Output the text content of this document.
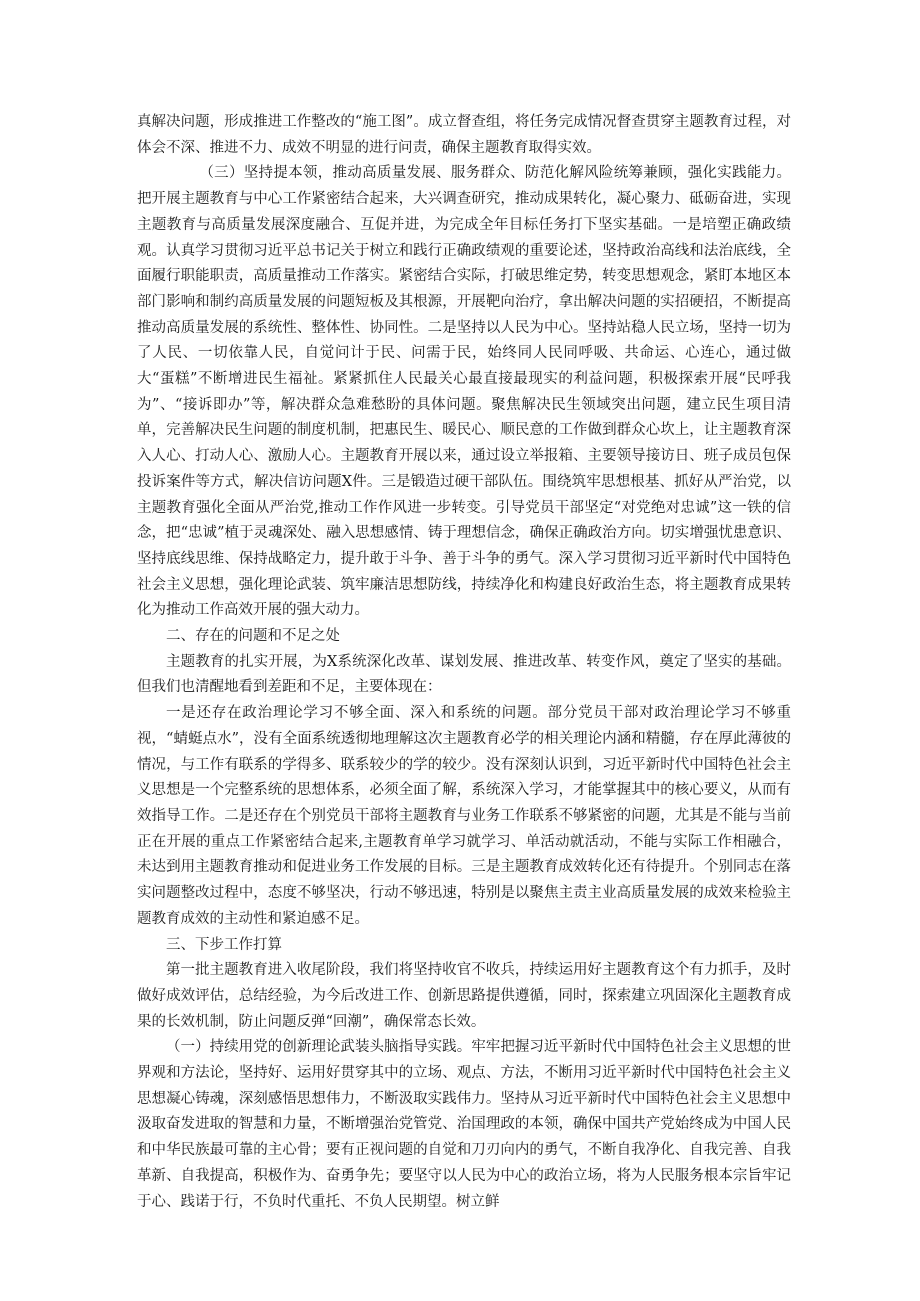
真解决问题，形成推进工作整改的“施工图”。成立督查组，将任务完成情况督查贯穿主题教育过程，对体会不深、推进不力、成效不明显的进行问责，确保主题教育取得实效。

（三）坚持提本领，推动高质量发展、服务群众、防范化解风险统筹兼顾，强化实践能力。把开展主题教育与中心工作紧密结合起来，大兴调查研究，推动成果转化，凝心聚力、砥砺奋进，实现主题教育与高质量发展深度融合、互促并进，为完成全年目标任务打下坚实基础。一是培塑正确政绩观。认真学习贯彻习近平总书记关于树立和践行正确政绩观的重要论述，坚持政治高线和法治底线，全面履行职能职责，高质量推动工作落实。紧密结合实际，打破思维定势，转变思想观念，紧盯本地区本部门影响和制约高质量发展的问题短板及其根源，开展靶向治疗，拿出解决问题的实招硬招，不断提高推动高质量发展的系统性、整体性、协同性。二是坚持以人民为中心。坚持站稳人民立场，坚持一切为了人民、一切依靠人民，自觉问计于民、问需于民，始终同人民同呼吸、共命运、心连心，通过做大“蛋糕”不断增进民生福祉。紧紧抓住人民最关心最直接最现实的利益问题，积极探索开展“民呼我为”、“接诉即办”等，解决群众急难愁盼的具体问题。聚焦解决民生领域突出问题，建立民生项目清单，完善解决民生问题的制度机制，把惠民生、暖民心、顺民意的工作做到群众心坎上，让主题教育深入人心、打动人心、激励人心。主题教育开展以来，通过设立举报箱、主要领导接访日、班子成员包保投诉案件等方式，解决信访问题X件。三是锻造过硬干部队伍。围绕筑牢思想根基、抓好从严治党，以主题教育强化全面从严治党,推动工作作风进一步转变。引导党员干部坚定“对党绝对忠诚”这一铁的信念，把“忠诚”植于灵魂深处、融入思想感情、铸于理想信念，确保正确政治方向。切实增强忧患意识、坚持底线思维、保持战略定力，提升敢于斗争、善于斗争的勇气。深入学习贯彻习近平新时代中国特色社会主义思想，强化理论武装、筑牢廉洁思想防线，持续净化和构建良好政治生态，将主题教育成果转化为推动工作高效开展的强大动力。

二、存在的问题和不足之处

主题教育的扎实开展，为X系统深化改革、谋划发展、推进改革、转变作风，奠定了坚实的基础。但我们也清醒地看到差距和不足，主要体现在：

一是还存在政治理论学习不够全面、深入和系统的问题。部分党员干部对政治理论学习不够重视，“蜻蜓点水”，没有全面系统透彻地理解这次主题教育必学的相关理论内涵和精髓，存在厚此薄彼的情况，与工作有联系的学得多、联系较少的学的较少。没有深刻认识到，习近平新时代中国特色社会主义思想是一个完整系统的思想体系，必须全面了解，系统深入学习，才能掌握其中的核心要义，从而有效指导工作。二是还存在个别党员干部将主题教育与业务工作联系不够紧密的问题，尤其是不能与当前正在开展的重点工作紧密结合起来,主题教育单学习就学习、单活动就活动，不能与实际工作相融合，未达到用主题教育推动和促进业务工作发展的目标。三是主题教育成效转化还有待提升。个别同志在落实问题整改过程中，态度不够坚决，行动不够迅速，特别是以聚焦主责主业高质量发展的成效来检验主题教育成效的主动性和紧迫感不足。

三、下步工作打算

第一批主题教育进入收尾阶段，我们将坚持收官不收兵，持续运用好主题教育这个有力抓手，及时做好成效评估，总结经验，为今后改进工作、创新思路提供遵循，同时，探索建立巩固深化主题教育成果的长效机制，防止问题反弹“回潮”，确保常态长效。

（一）持续用党的创新理论武装头脑指导实践。牢牢把握习近平新时代中国特色社会主义思想的世界观和方法论，坚持好、运用好贯穿其中的立场、观点、方法，不断用习近平新时代中国特色社会主义思想凝心铸魂，深刻感悟思想伟力，不断汲取实践伟力。坚持从习近平新时代中国特色社会主义思想中汲取奋发进取的智慧和力量，不断增强治党管党、治国理政的本领，确保中国共产党始终成为中国人民和中华民族最可靠的主心骨；要有正视问题的自觉和刀刃向内的勇气，不断自我净化、自我完善、自我革新、自我提高，积极作为、奋勇争先；要坚守以人民为中心的政治立场，将为人民服务根本宗旨牢记于心、践诺于行，不负时代重托、不负人民期望。树立鲜
